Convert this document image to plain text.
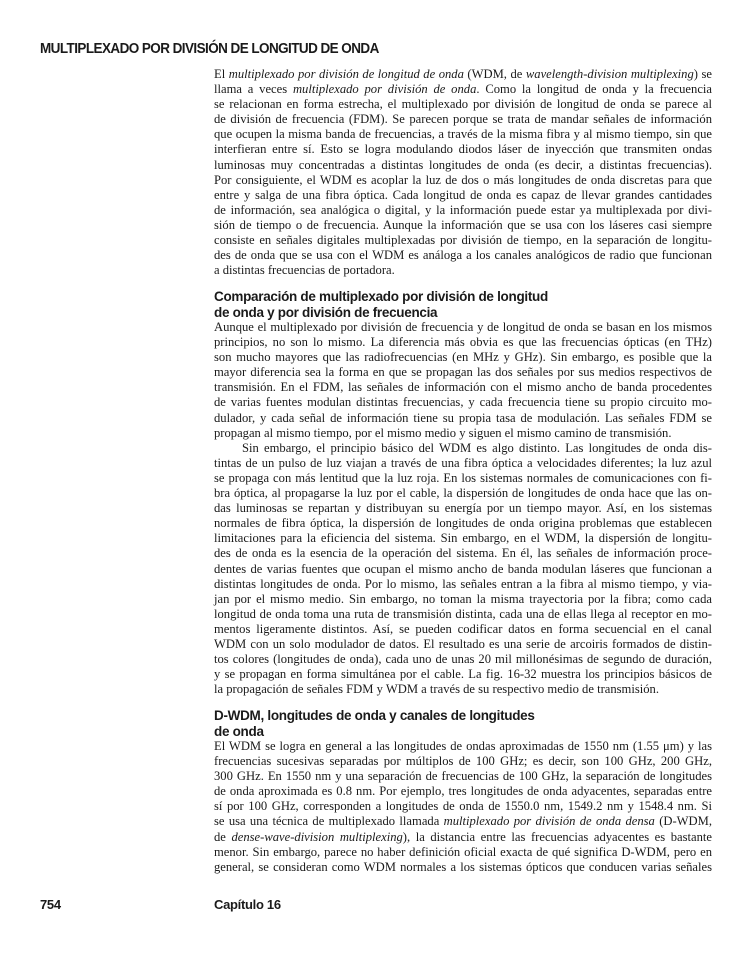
MULTIPLEXADO POR DIVISIÓN DE LONGITUD DE ONDA
El multiplexado por división de longitud de onda (WDM, de wavelength-division multiplexing) se
llama a veces multiplexado por división de onda. Como la longitud de onda y la frecuencia
se relacionan en forma estrecha, el multiplexado por división de longitud de onda se parece al
de división de frecuencia (FDM). Se parecen porque se trata de mandar señales de información
que ocupen la misma banda de frecuencias, a través de la misma fibra y al mismo tiempo, sin que
interfieran entre sí. Esto se logra modulando diodos láser de inyección que transmiten ondas
luminosas muy concentradas a distintas longitudes de onda (es decir, a distintas frecuencias).
Por consiguiente, el WDM es acoplar la luz de dos o más longitudes de onda discretas para que
entre y salga de una fibra óptica. Cada longitud de onda es capaz de llevar grandes cantidades
de información, sea analógica o digital, y la información puede estar ya multiplexada por divi-
sión de tiempo o de frecuencia. Aunque la información que se usa con los láseres casi siempre
consiste en señales digitales multiplexadas por división de tiempo, en la separación de longitu-
des de onda que se usa con el WDM es análoga a los canales analógicos de radio que funcionan
a distintas frecuencias de portadora.
Comparación de multiplexado por división de longitud
de onda y por división de frecuencia
Aunque el multiplexado por división de frecuencia y de longitud de onda se basan en los mismos
principios, no son lo mismo. La diferencia más obvia es que las frecuencias ópticas (en THz)
son mucho mayores que las radiofrecuencias (en MHz y GHz). Sin embargo, es posible que la
mayor diferencia sea la forma en que se propagan las dos señales por sus medios respectivos de
transmisión. En el FDM, las señales de información con el mismo ancho de banda procedentes
de varias fuentes modulan distintas frecuencias, y cada frecuencia tiene su propio circuito mo-
dulador, y cada señal de información tiene su propia tasa de modulación. Las señales FDM se
propagan al mismo tiempo, por el mismo medio y siguen el mismo camino de transmisión.
Sin embargo, el principio básico del WDM es algo distinto. Las longitudes de onda dis-
tintas de un pulso de luz viajan a través de una fibra óptica a velocidades diferentes; la luz azul
se propaga con más lentitud que la luz roja. En los sistemas normales de comunicaciones con fi-
bra óptica, al propagarse la luz por el cable, la dispersión de longitudes de onda hace que las on-
das luminosas se repartan y distribuyan su energía por un tiempo mayor. Así, en los sistemas
normales de fibra óptica, la dispersión de longitudes de onda origina problemas que establecen
limitaciones para la eficiencia del sistema. Sin embargo, en el WDM, la dispersión de longitu-
des de onda es la esencia de la operación del sistema. En él, las señales de información proce-
dentes de varias fuentes que ocupan el mismo ancho de banda modulan láseres que funcionan a
distintas longitudes de onda. Por lo mismo, las señales entran a la fibra al mismo tiempo, y via-
jan por el mismo medio. Sin embargo, no toman la misma trayectoria por la fibra; como cada
longitud de onda toma una ruta de transmisión distinta, cada una de ellas llega al receptor en mo-
mentos ligeramente distintos. Así, se pueden codificar datos en forma secuencial en el canal
WDM con un solo modulador de datos. El resultado es una serie de arcoiris formados de distin-
tos colores (longitudes de onda), cada uno de unas 20 mil millonésimas de segundo de duración,
y se propagan en forma simultánea por el cable. La fig. 16-32 muestra los principios básicos de
la propagación de señales FDM y WDM a través de su respectivo medio de transmisión.
D-WDM, longitudes de onda y canales de longitudes
de onda
El WDM se logra en general a las longitudes de ondas aproximadas de 1550 nm (1.55 μm) y las
frecuencias sucesivas separadas por múltiplos de 100 GHz; es decir, son 100 GHz, 200 GHz,
300 GHz. En 1550 nm y una separación de frecuencias de 100 GHz, la separación de longitudes
de onda aproximada es 0.8 nm. Por ejemplo, tres longitudes de onda adyacentes, separadas entre
sí por 100 GHz, corresponden a longitudes de onda de 1550.0 nm, 1549.2 nm y 1548.4 nm. Si
se usa una técnica de multiplexado llamada multiplexado por división de onda densa (D-WDM,
de dense-wave-division multiplexing), la distancia entre las frecuencias adyacentes es bastante
menor. Sin embargo, parece no haber definición oficial exacta de qué significa D-WDM, pero en
general, se consideran como WDM normales a los sistemas ópticos que conducen varias señales
754	Capítulo 16
